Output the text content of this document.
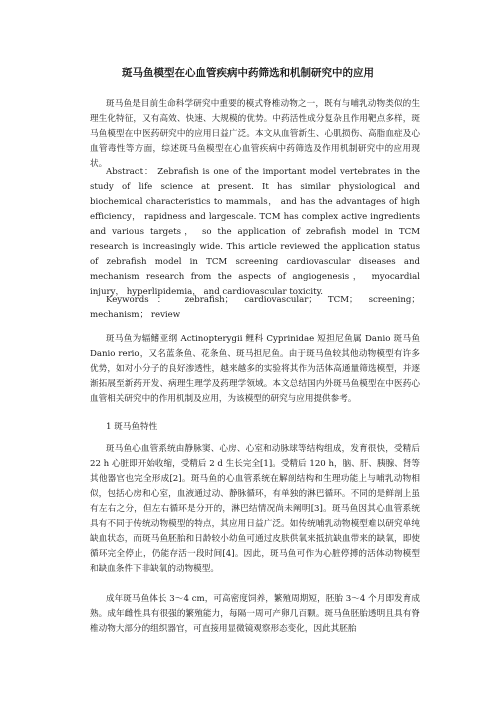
斑马鱼模型在心血管疾病中药筛选和机制研究中的应用

斑马鱼是目前生命科学研究中重要的模式脊椎动物之一，既有与哺乳动物类似的生理生化特征，又有高效、快速、大规模的优势。中药活性成分复杂且作用靶点多样，斑马鱼模型在中医药研究中的应用日益广泛。本文从血管新生、心肌损伤、高脂血症及心血管毒性等方面，综述斑马鱼模型在心血管疾病中药筛选及作用机制研究中的应用现状。

Abstract： Zebrafish is one of the important model vertebrates in the study of life science at present. It has similar physiological and biochemical characteristics to mammals， and has the advantages of high efficiency， rapidness and largescale. TCM has complex active ingredients and various targets， so the application of zebrafish model in TCM research is increasingly wide. This article reviewed the application status of zebrafish model in TCM screening cardiovascular diseases and mechanism research from the aspects of angiogenesis， myocardial injury， hyperlipidemia， and cardiovascular toxicity.

Keywords： zebrafish； cardiovascular； TCM； screening； mechanism； review

斑马鱼为辐鳍亚纲 Actinopterygii 鲤科 Cyprinidae 短担尼鱼属 Danio 斑马鱼 Danio rerio，又名蓝条鱼、花条鱼、斑马担尼鱼。由于斑马鱼较其他动物模型有许多优势，如对小分子的良好渗透性，越来越多的实验将其作为活体高通量筛选模型，并逐渐拓展至新药开发、病理生理学及药理学领域。本文总结国内外斑马鱼模型在中医药心血管相关研究中的作用机制及应用，为该模型的研究与应用提供参考。

1 斑马鱼特性

斑马鱼心血管系统由静脉窦、心房、心室和动脉球等结构组成，发育很快，受精后 22 h 心脏即开始收缩，受精后 2 d 生长完全[1]。受精后 120 h，脑、肝、胰腺、肾等其他器官也完全形成[2]。斑马鱼的心血管系统在解剖结构和生理功能上与哺乳动物相似，包括心房和心室，血液通过动、静脉循环，有单独的淋巴循环。不同的是鲜剖上虽有左右之分，但左右循环是分开的，淋巴结情况尚未阐明[3]。斑马鱼因其心血管系统具有不同于传统动物模型的特点，其应用日益广泛。如传统哺乳动物模型难以研究单纯缺血状态，而斑马鱼胚胎和日龄较小幼鱼可通过皮肤供氧来抵抗缺血带来的缺氧，即使循环完全停止，仍能存活一段时间[4]。因此，斑马鱼可作为心脏停搏的活体动物模型和缺血条件下非缺氧的动物模型。

成年斑马鱼体长 3～4 cm，可高密度饲养，繁殖周期短，胚胎 3～4 个月即发育成熟。成年雌性具有很强的繁殖能力，每隔一周可产卵几百颗。斑马鱼胚胎透明且具有脊椎动物大部分的组织器官，可直接用显微镜观察形态变化，因此其胚胎
